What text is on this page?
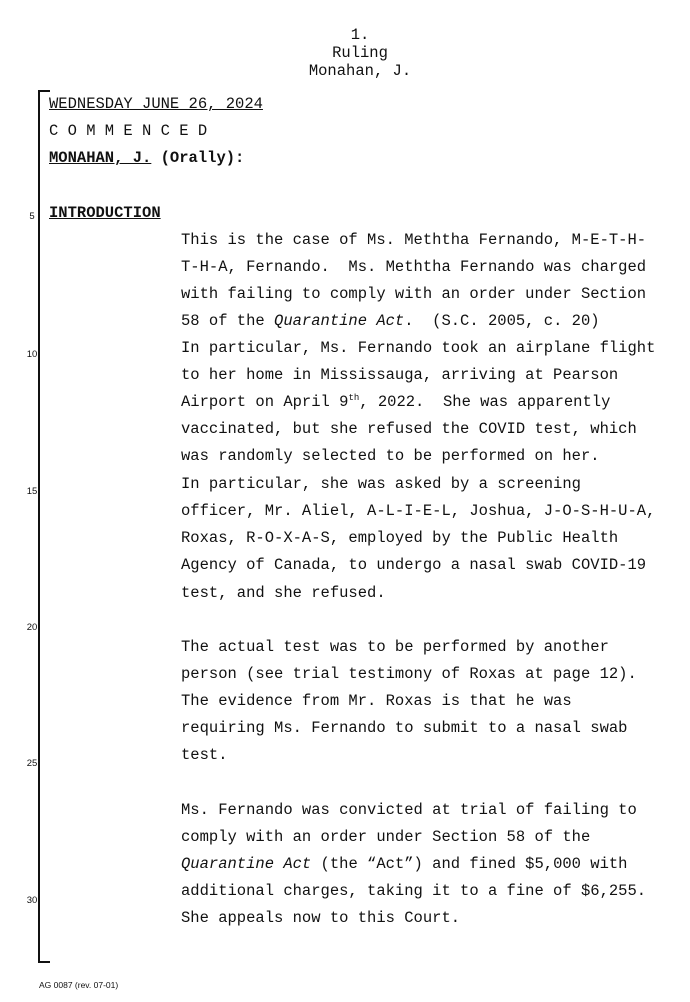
1.
Ruling
Monahan, J.
5
10
15
20
25
30
WEDNESDAY JUNE 26, 2024
C O M M E N C E D
MONAHAN, J. (Orally):
INTRODUCTION
This is the case of Ms. Meththa Fernando, M-E-T-H-
T-H-A, Fernando.  Ms. Meththa Fernando was charged
with failing to comply with an order under Section
58 of the Quarantine Act.  (S.C. 2005, c. 20)
In particular, Ms. Fernando took an airplane flight
to her home in Mississauga, arriving at Pearson
Airport on April 9th, 2022.  She was apparently
vaccinated, but she refused the COVID test, which
was randomly selected to be performed on her.
In particular, she was asked by a screening
officer, Mr. Aliel, A-L-I-E-L, Joshua, J-O-S-H-U-A,
Roxas, R-O-X-A-S, employed by the Public Health
Agency of Canada, to undergo a nasal swab COVID-19
test, and she refused.
The actual test was to be performed by another
person (see trial testimony of Roxas at page 12).
The evidence from Mr. Roxas is that he was
requiring Ms. Fernando to submit to a nasal swab
test.
Ms. Fernando was convicted at trial of failing to
comply with an order under Section 58 of the
Quarantine Act (the “Act”) and fined $5,000 with
additional charges, taking it to a fine of $6,255.
She appeals now to this Court.
AG 0087 (rev. 07-01)
